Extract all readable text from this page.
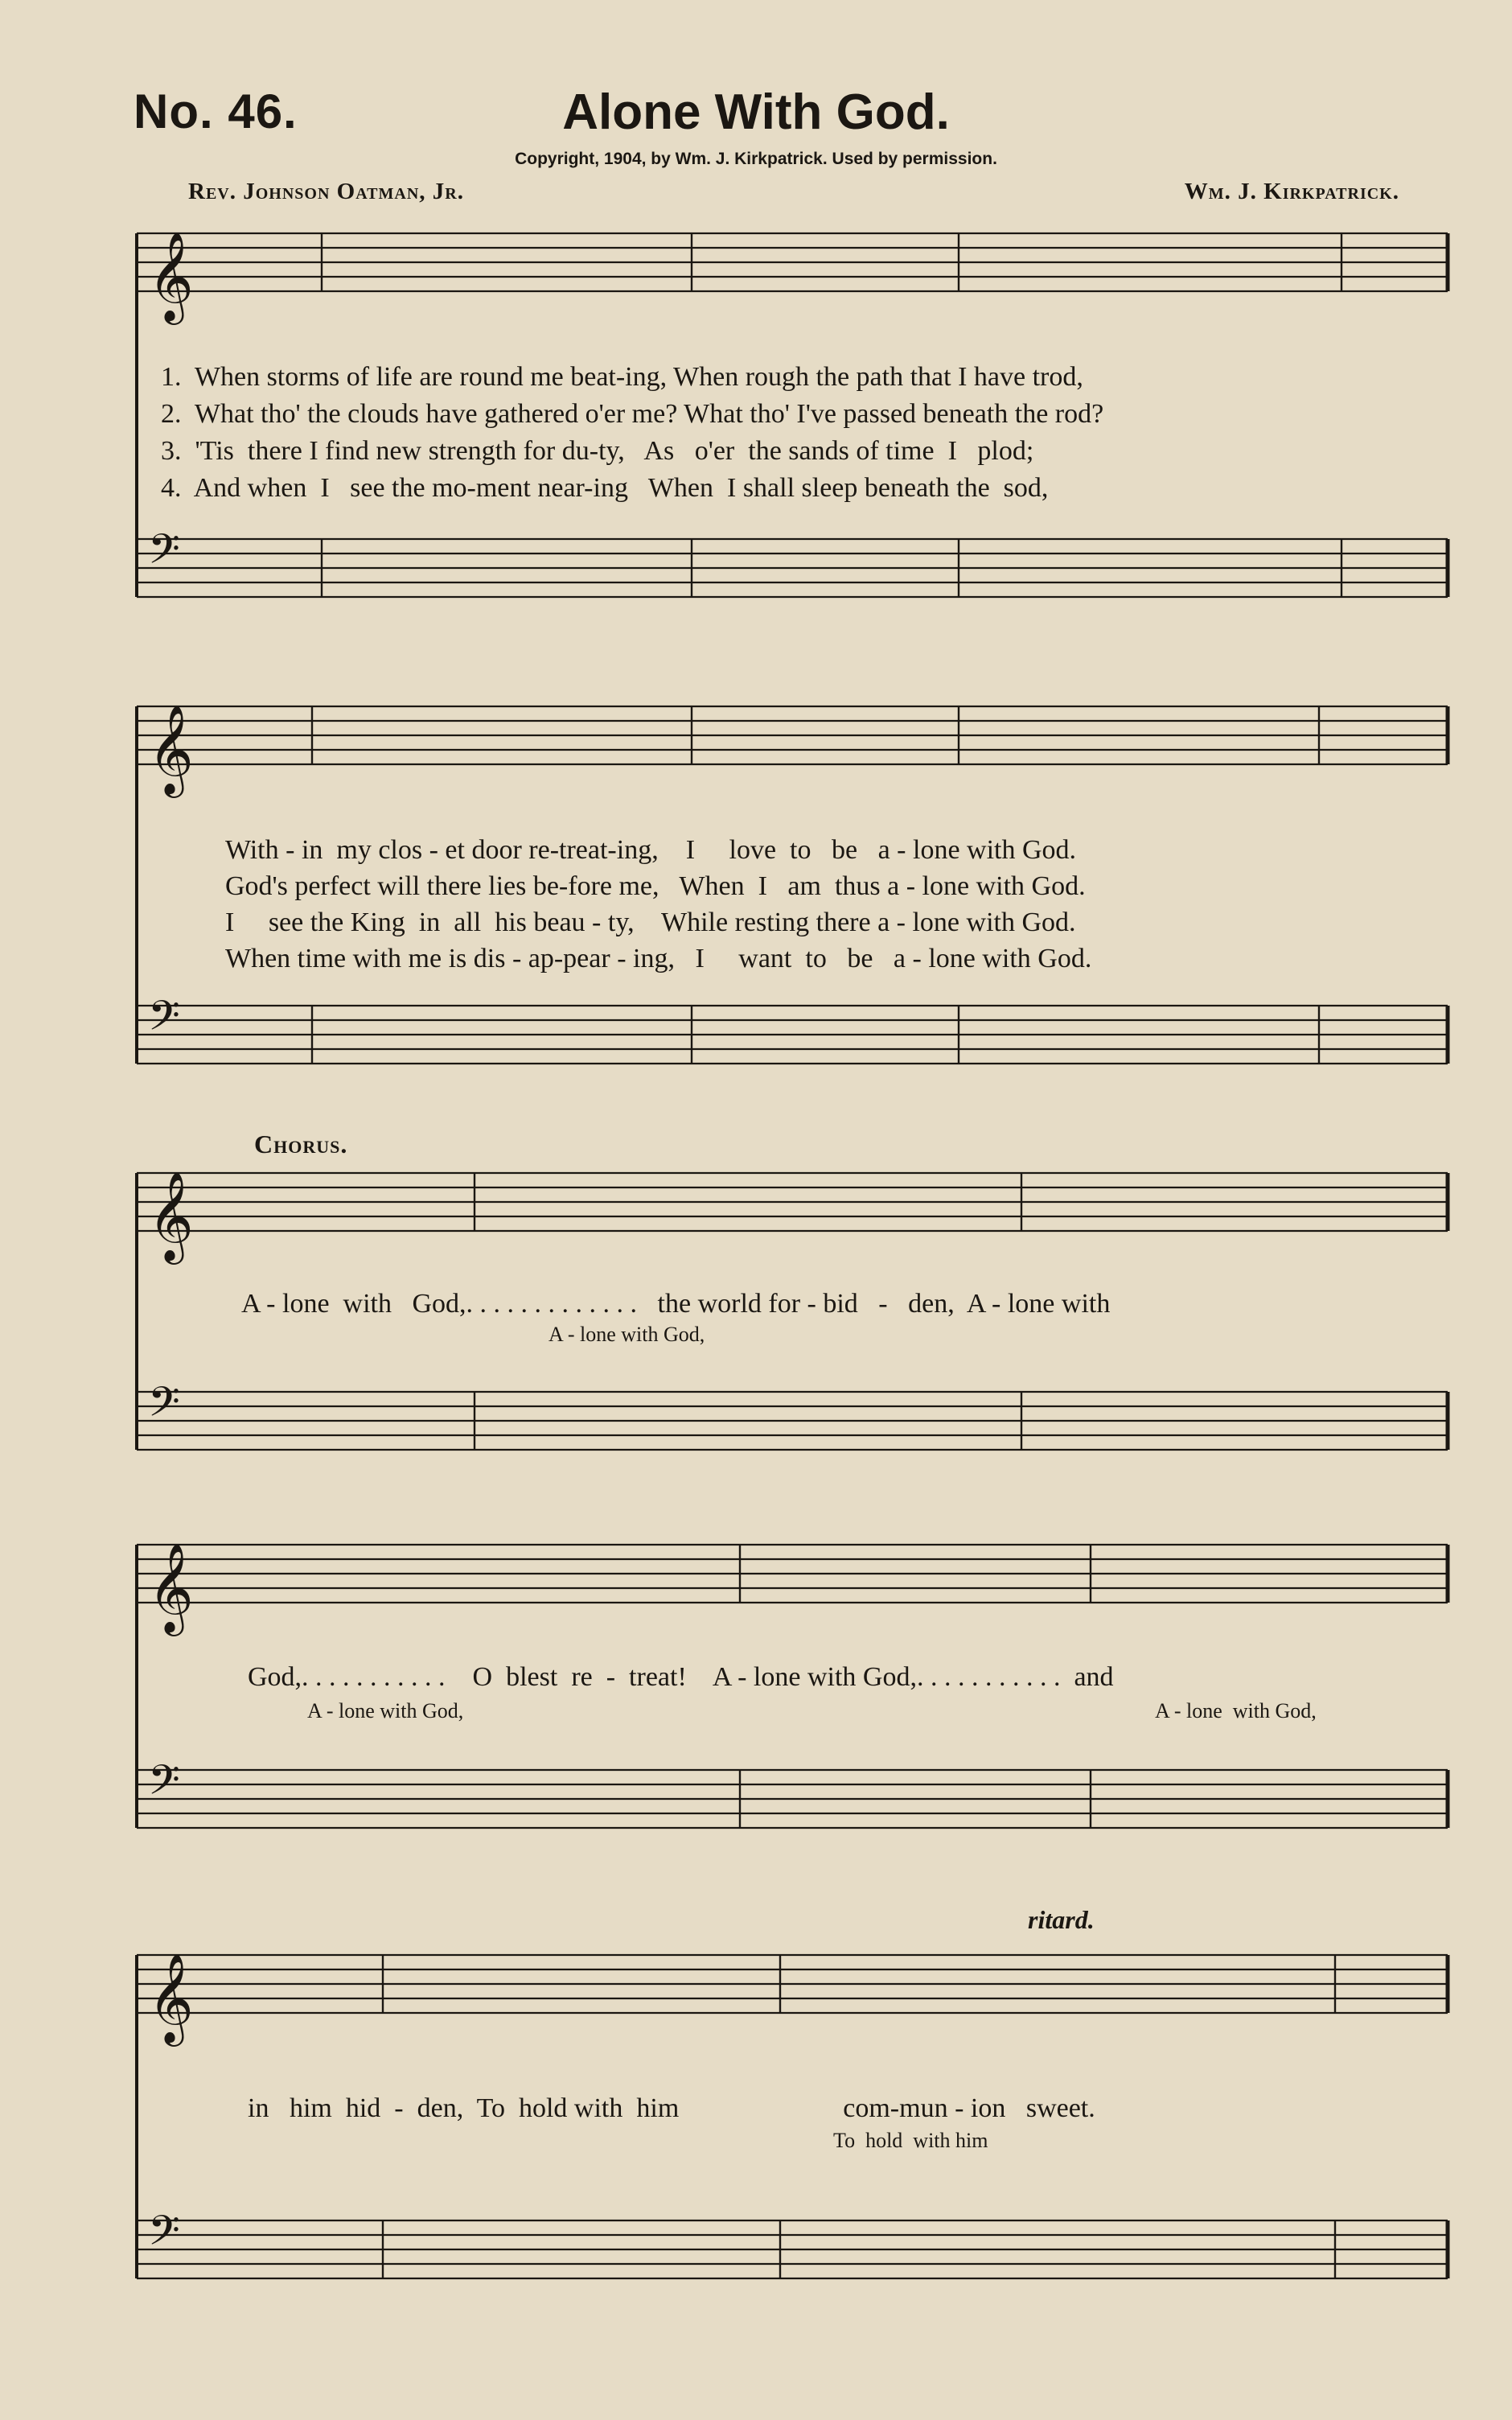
No. 46.	Alone With God.
Copyright, 1904, by Wm. J. Kirkpatrick. Used by permission.
Rev. Johnson Oatman, Jr.	Wm. J. Kirkpatrick.
𝄞
𝄢
𝄞
𝄢
𝄞
𝄢
𝄞
𝄢
𝄞
𝄢
1.  When storms of life are round me beat-ing, When rough the path that I have trod,
2.  What tho' the clouds have gathered o'er me? What tho' I've passed beneath the rod?
3.  'Tis  there I find new strength for du-ty,   As   o'er  the sands of time  I   plod;
4.  And when  I   see the mo-ment near-ing   When  I shall sleep beneath the  sod,
With - in  my clos - et door re-treat-ing,    I     love  to   be   a - lone with God.
God's perfect will there lies be-fore me,   When  I   am  thus a - lone with God.
I     see the King  in  all  his beau - ty,    While resting there a - lone with God.
When time with me is dis - ap-pear - ing,   I     want  to   be   a - lone with God.
Chorus.
A - lone  with   God,. . . . . . . . . . . . .   the world for - bid   -   den,  A - lone with
A - lone with God,
God,. . . . . . . . . . .    O  blest  re  -  treat!    A - lone with God,. . . . . . . . . . .  and
A - lone with God,	A - lone  with God,
ritard.
in   him  hid  -  den,  To  hold with  him                        com-mun - ion   sweet.
To  hold  with him
